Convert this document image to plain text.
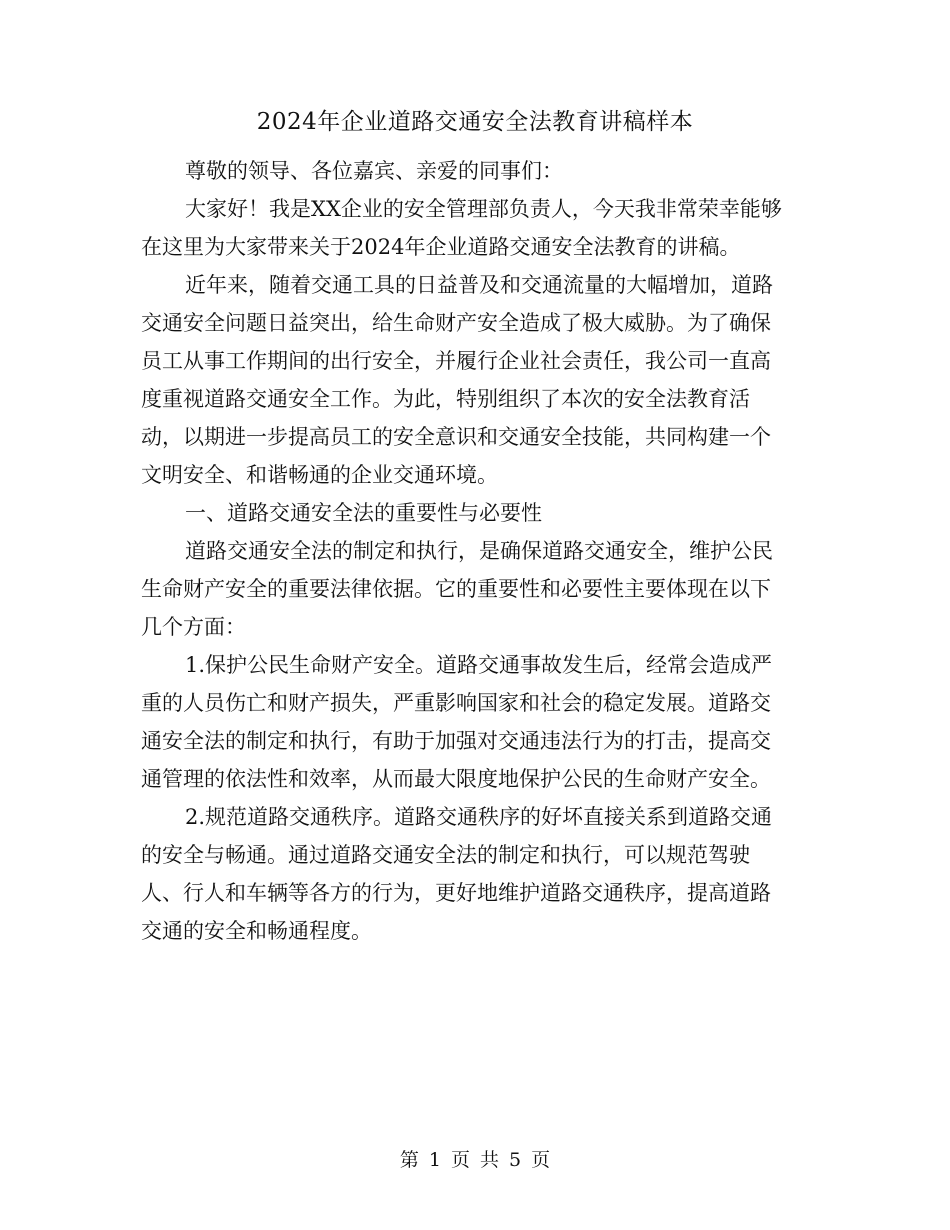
2024年企业道路交通安全法教育讲稿样本

尊敬的领导、各位嘉宾、亲爱的同事们：

大家好！我是XX企业的安全管理部负责人，今天我非常荣幸能够
在这里为大家带来关于2024年企业道路交通安全法教育的讲稿。

近年来，随着交通工具的日益普及和交通流量的大幅增加，道路
交通安全问题日益突出，给生命财产安全造成了极大威胁。为了确保
员工从事工作期间的出行安全，并履行企业社会责任，我公司一直高
度重视道路交通安全工作。为此，特别组织了本次的安全法教育活
动，以期进一步提高员工的安全意识和交通安全技能，共同构建一个
文明安全、和谐畅通的企业交通环境。

一、道路交通安全法的重要性与必要性

道路交通安全法的制定和执行，是确保道路交通安全，维护公民
生命财产安全的重要法律依据。它的重要性和必要性主要体现在以下
几个方面：

1.保护公民生命财产安全。道路交通事故发生后，经常会造成严
重的人员伤亡和财产损失，严重影响国家和社会的稳定发展。道路交
通安全法的制定和执行，有助于加强对交通违法行为的打击，提高交
通管理的依法性和效率，从而最大限度地保护公民的生命财产安全。

2.规范道路交通秩序。道路交通秩序的好坏直接关系到道路交通
的安全与畅通。通过道路交通安全法的制定和执行，可以规范驾驶
人、行人和车辆等各方的行为，更好地维护道路交通秩序，提高道路
交通的安全和畅通程度。

第 1 页 共 5 页
